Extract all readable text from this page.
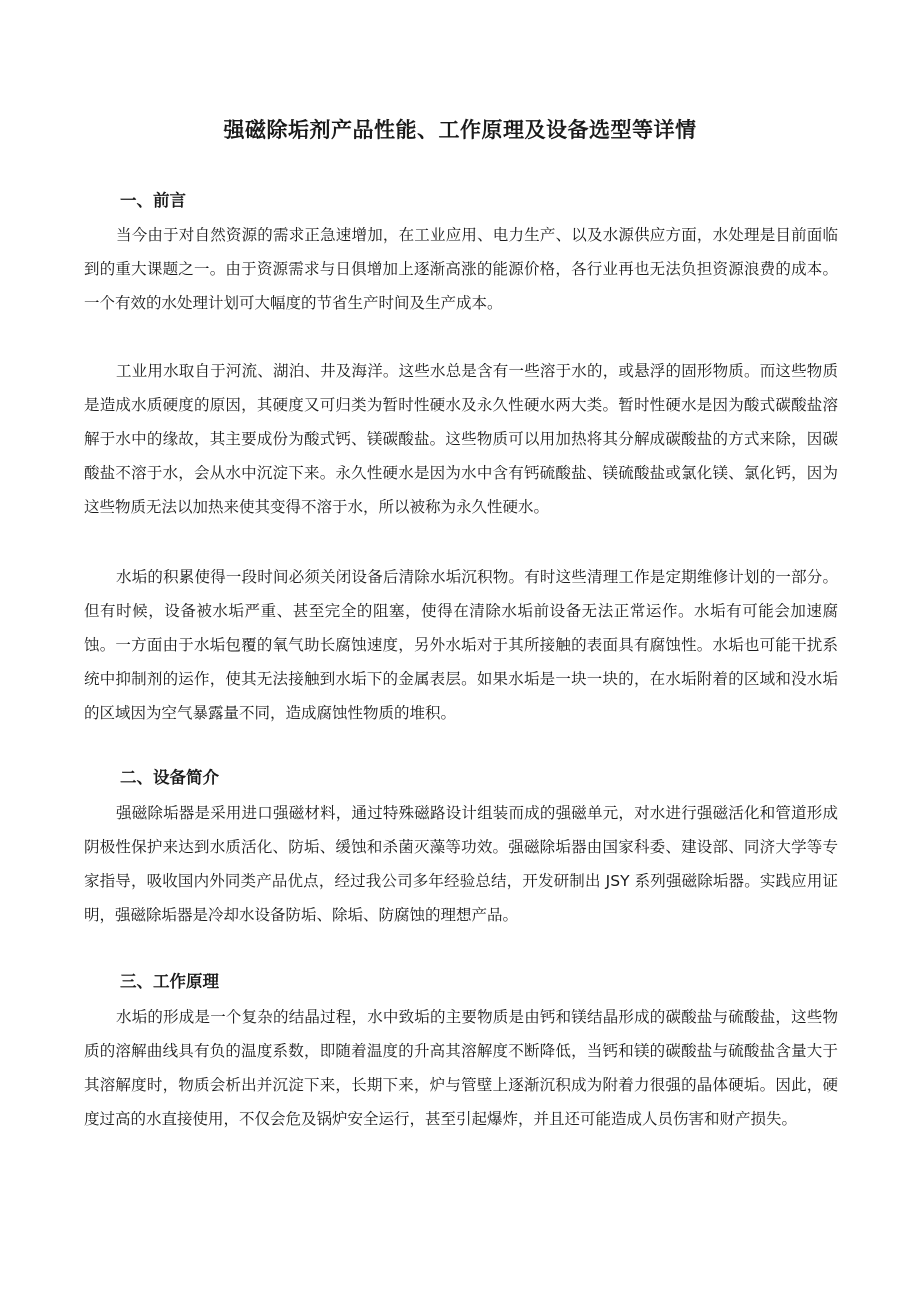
强磁除垢剂产品性能、工作原理及设备选型等详情
一、前言

当今由于对自然资源的需求正急速增加，在工业应用、电力生产、以及水源供应方面，水处理是目前面临到的重大课题之一。由于资源需求与日俱增加上逐渐高涨的能源价格，各行业再也无法负担资源浪费的成本。一个有效的水处理计划可大幅度的节省生产时间及生产成本。

工业用水取自于河流、湖泊、井及海洋。这些水总是含有一些溶于水的，或悬浮的固形物质。而这些物质是造成水质硬度的原因，其硬度又可归类为暂时性硬水及永久性硬水两大类。暂时性硬水是因为酸式碳酸盐溶解于水中的缘故，其主要成份为酸式钙、镁碳酸盐。这些物质可以用加热将其分解成碳酸盐的方式来除，因碳酸盐不溶于水，会从水中沉淀下来。永久性硬水是因为水中含有钙硫酸盐、镁硫酸盐或氯化镁、氯化钙，因为这些物质无法以加热来使其变得不溶于水，所以被称为永久性硬水。

水垢的积累使得一段时间必须关闭设备后清除水垢沉积物。有时这些清理工作是定期维修计划的一部分。但有时候，设备被水垢严重、甚至完全的阻塞，使得在清除水垢前设备无法正常运作。水垢有可能会加速腐蚀。一方面由于水垢包覆的氧气助长腐蚀速度，另外水垢对于其所接触的表面具有腐蚀性。水垢也可能干扰系统中抑制剂的运作，使其无法接触到水垢下的金属表层。如果水垢是一块一块的，在水垢附着的区域和没水垢的区域因为空气暴露量不同，造成腐蚀性物质的堆积。

二、设备简介

强磁除垢器是采用进口强磁材料，通过特殊磁路设计组装而成的强磁单元，对水进行强磁活化和管道形成阴极性保护来达到水质活化、防垢、缓蚀和杀菌灭藻等功效。强磁除垢器由国家科委、建设部、同济大学等专家指导，吸收国内外同类产品优点，经过我公司多年经验总结，开发研制出 JSY 系列强磁除垢器。实践应用证明，强磁除垢器是冷却水设备防垢、除垢、防腐蚀的理想产品。

三、工作原理

水垢的形成是一个复杂的结晶过程，水中致垢的主要物质是由钙和镁结晶形成的碳酸盐与硫酸盐，这些物质的溶解曲线具有负的温度系数，即随着温度的升高其溶解度不断降低，当钙和镁的碳酸盐与硫酸盐含量大于其溶解度时，物质会析出并沉淀下来，长期下来，炉与管壁上逐渐沉积成为附着力很强的晶体硬垢。因此，硬度过高的水直接使用，不仅会危及锅炉安全运行，甚至引起爆炸，并且还可能造成人员伤害和财产损失。
